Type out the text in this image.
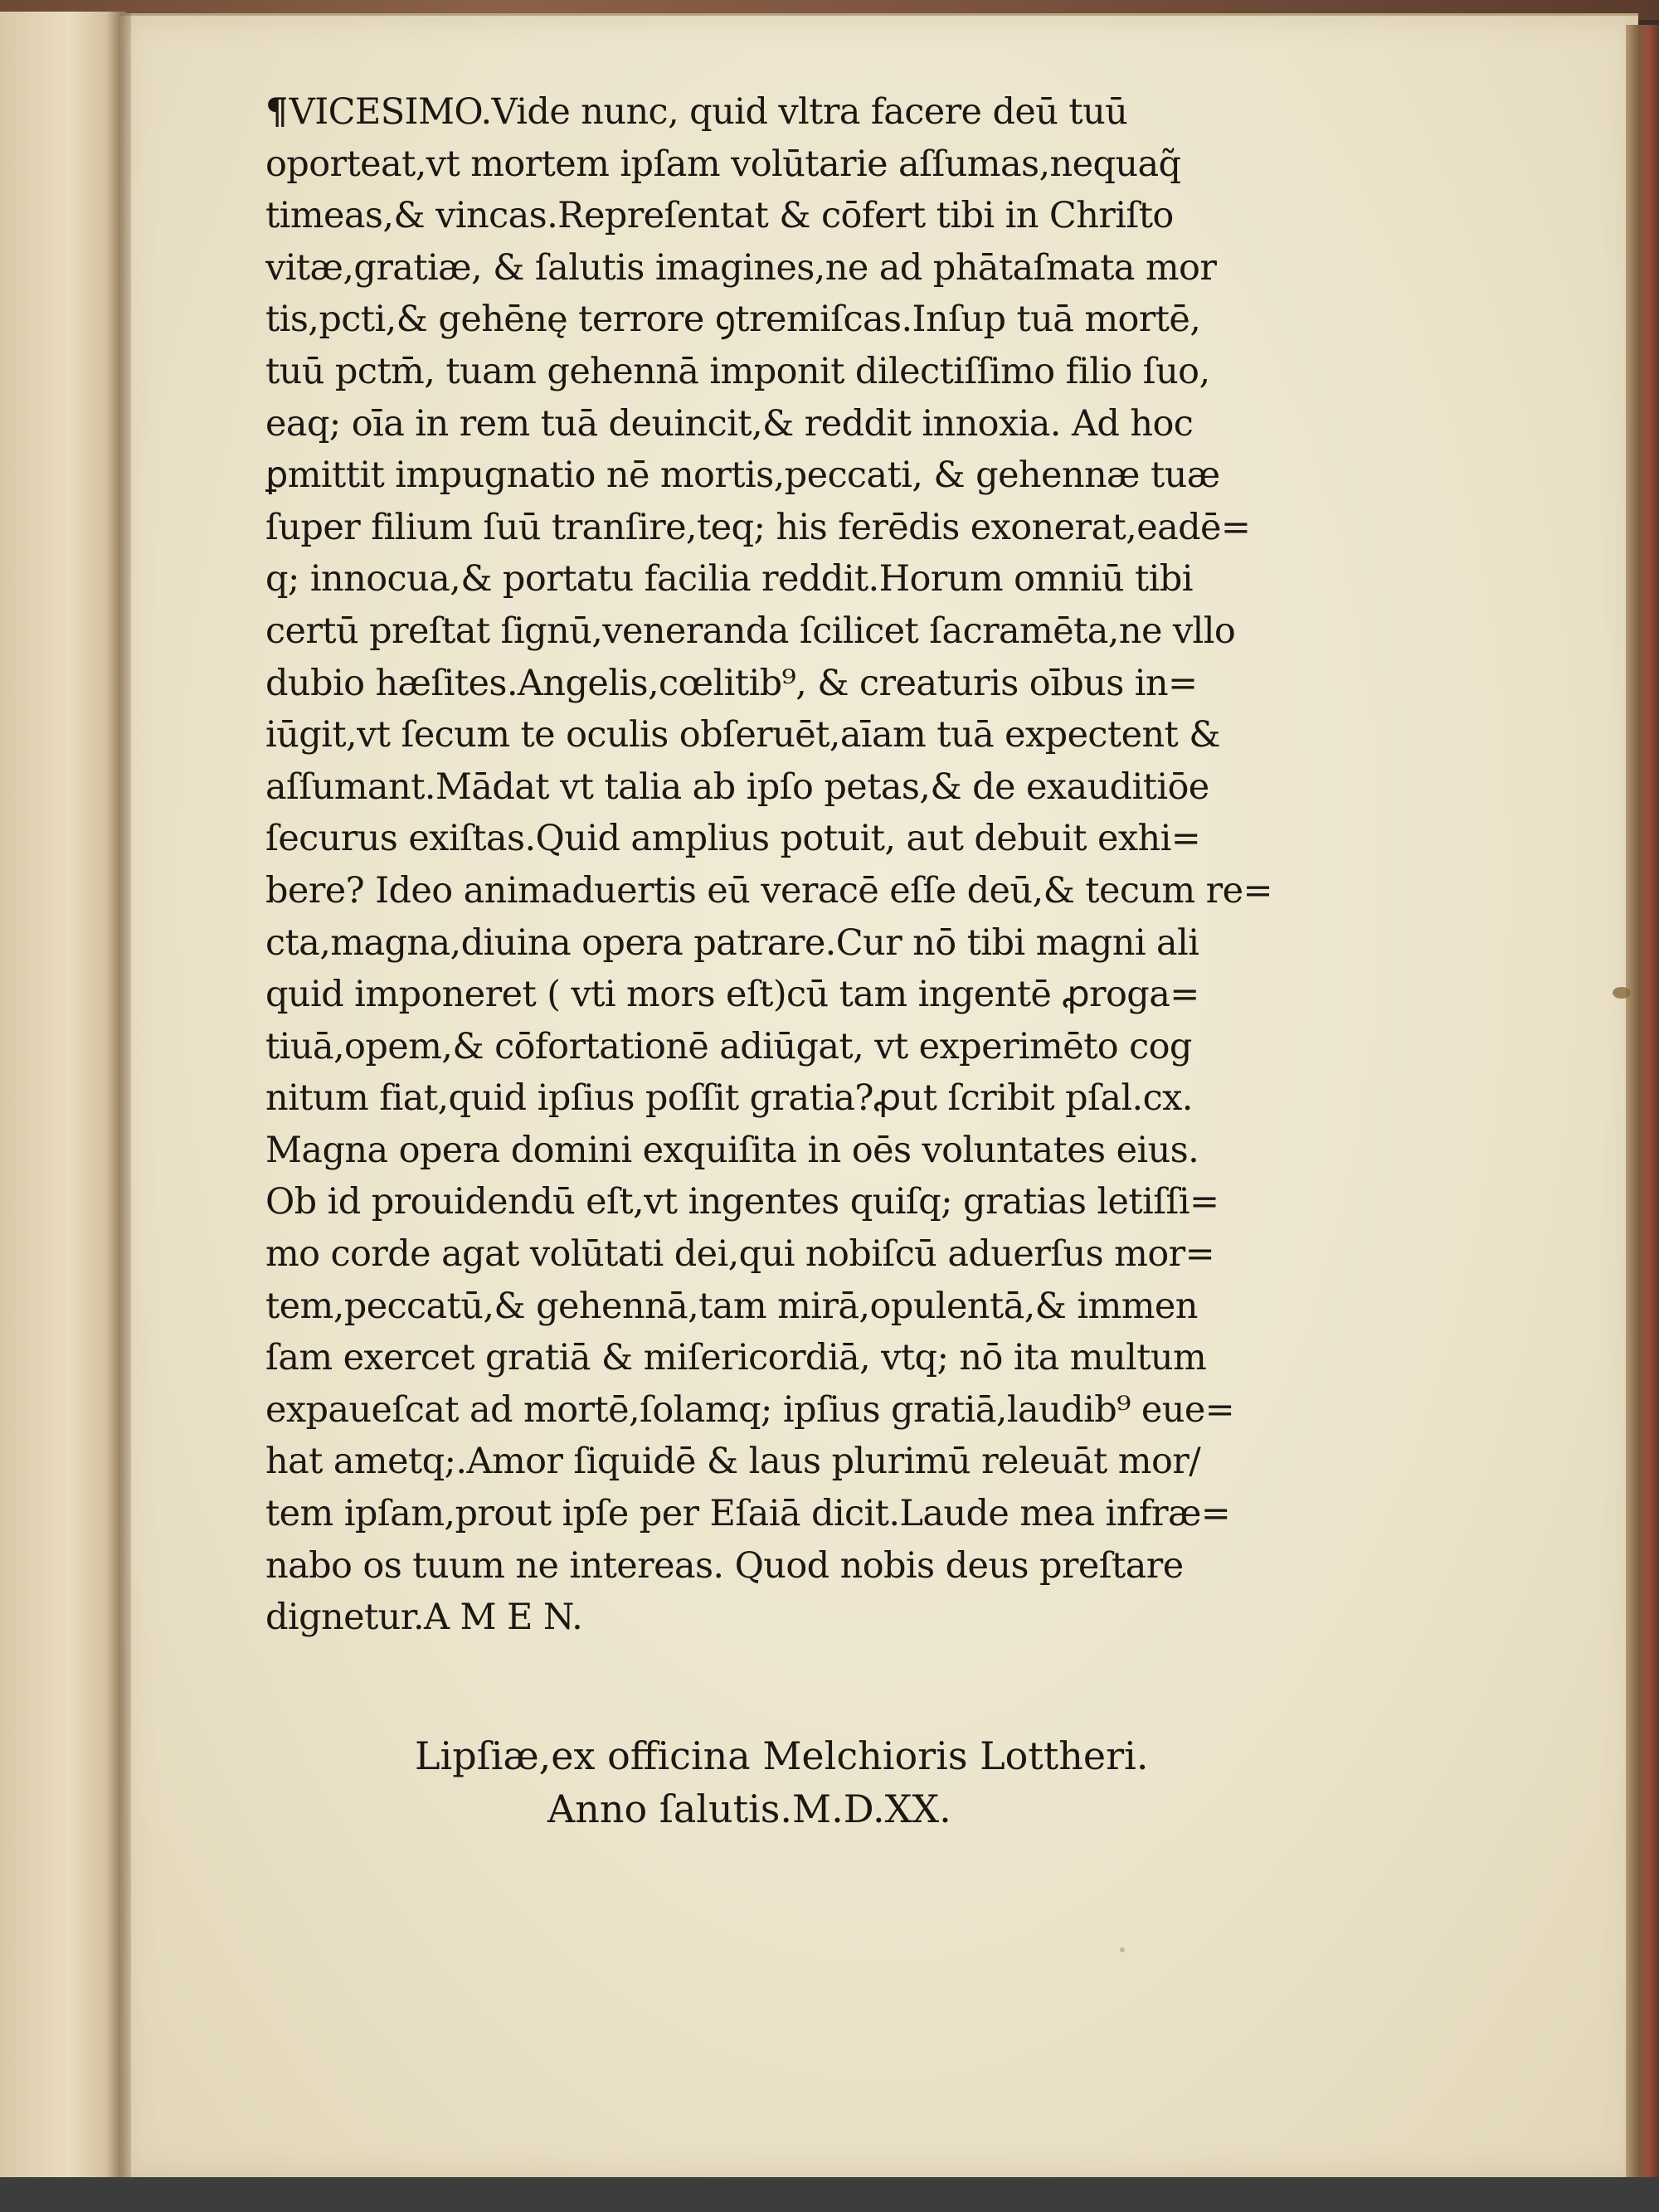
¶VICESIMO.Vide nunc, quid vltra facere deū tuū
oporteat,vt mortem ipſam volūtarie aſſumas,nequaq̃
timeas,& vincas.Repreſentat & cōfert tibi in Chriſto
vitæ,gratiæ, & ſalutis imagines,ne ad phātaſmata mor
tis,pcti,& gehēnę terrore ꝯtremiſcas.Inſup tuā mortē,
tuū pctm̄, tuam gehennā imponit dilectiſſimo filio ſuo,
eaq; oīa in rem tuā deuincit,& reddit innoxia. Ad hoc
ꝑmittit impugnatio nē mortis,peccati, & gehennæ tuæ
ſuper filium ſuū tranſire,teq; his ferēdis exonerat,eadē=
q; innocua,& portatu facilia reddit.Horum omniū tibi
certū preſtat ſignū,veneranda ſcilicet ſacramēta,ne vllo
dubio hæſites.Angelis,cœlitib⁹, & creaturis oībus in=
iūgit,vt ſecum te oculis obſeruēt,aīam tuā expectent &
aſſumant.Mādat vt talia ab ipſo petas,& de exauditiōe
ſecurus exiſtas.Quid amplius potuit, aut debuit exhi=
bere? Ideo animaduertis eū veracē eſſe deū,& tecum re=
cta,magna,diuina opera patrare.Cur nō tibi magni ali
quid imponeret ( vti mors eſt)cū tam ingentē ꝓroga=
tiuā,opem,& cōfortationē adiūgat, vt experimēto cog
nitum fiat,quid ipſius poſſit gratia?ꝓut ſcribit pſal.cx.
Magna opera domini exquiſita in oēs voluntates eius.
Ob id prouidendū eſt,vt ingentes quiſq; gratias letiſſi=
mo corde agat volūtati dei,qui nobiſcū aduerſus mor=
tem,peccatū,& gehennā,tam mirā,opulentā,& immen
ſam exercet gratiā & miſericordiā, vtq; nō ita multum
expaueſcat ad mortē,ſolamq; ipſius gratiā,laudib⁹ eue=
hat ametq;.Amor ſiquidē & laus plurimū releuāt mor/
tem ipſam,prout ipſe per Eſaiā dicit.Laude mea infræ=
nabo os tuum ne intereas. Quod nobis deus preſtare
dignetur.A M E N.
Lipſiæ,ex officina Melchioris Lottheri.
Anno ſalutis.M.D.XX.
